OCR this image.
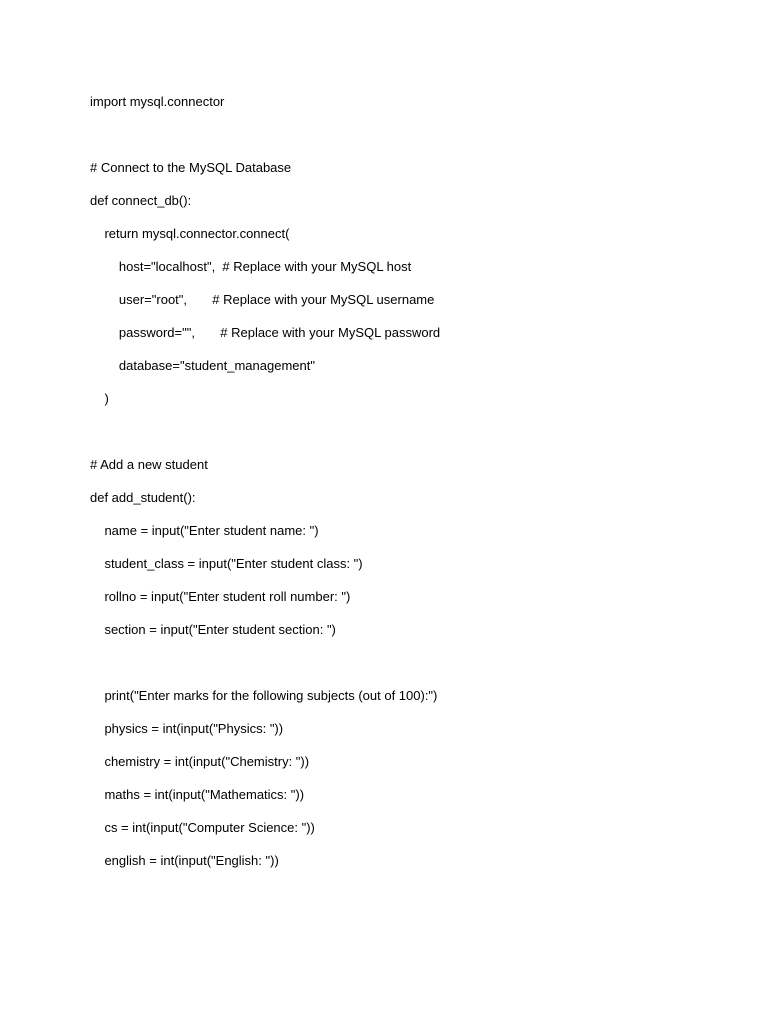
import mysql.connector
# Connect to the MySQL Database
def connect_db():
return mysql.connector.connect(
host="localhost",  # Replace with your MySQL host
user="root",       # Replace with your MySQL username
password="",       # Replace with your MySQL password
database="student_management"
)
# Add a new student
def add_student():
name = input("Enter student name: ")
student_class = input("Enter student class: ")
rollno = input("Enter student roll number: ")
section = input("Enter student section: ")
print("Enter marks for the following subjects (out of 100):")
physics = int(input("Physics: "))
chemistry = int(input("Chemistry: "))
maths = int(input("Mathematics: "))
cs = int(input("Computer Science: "))
english = int(input("English: "))
